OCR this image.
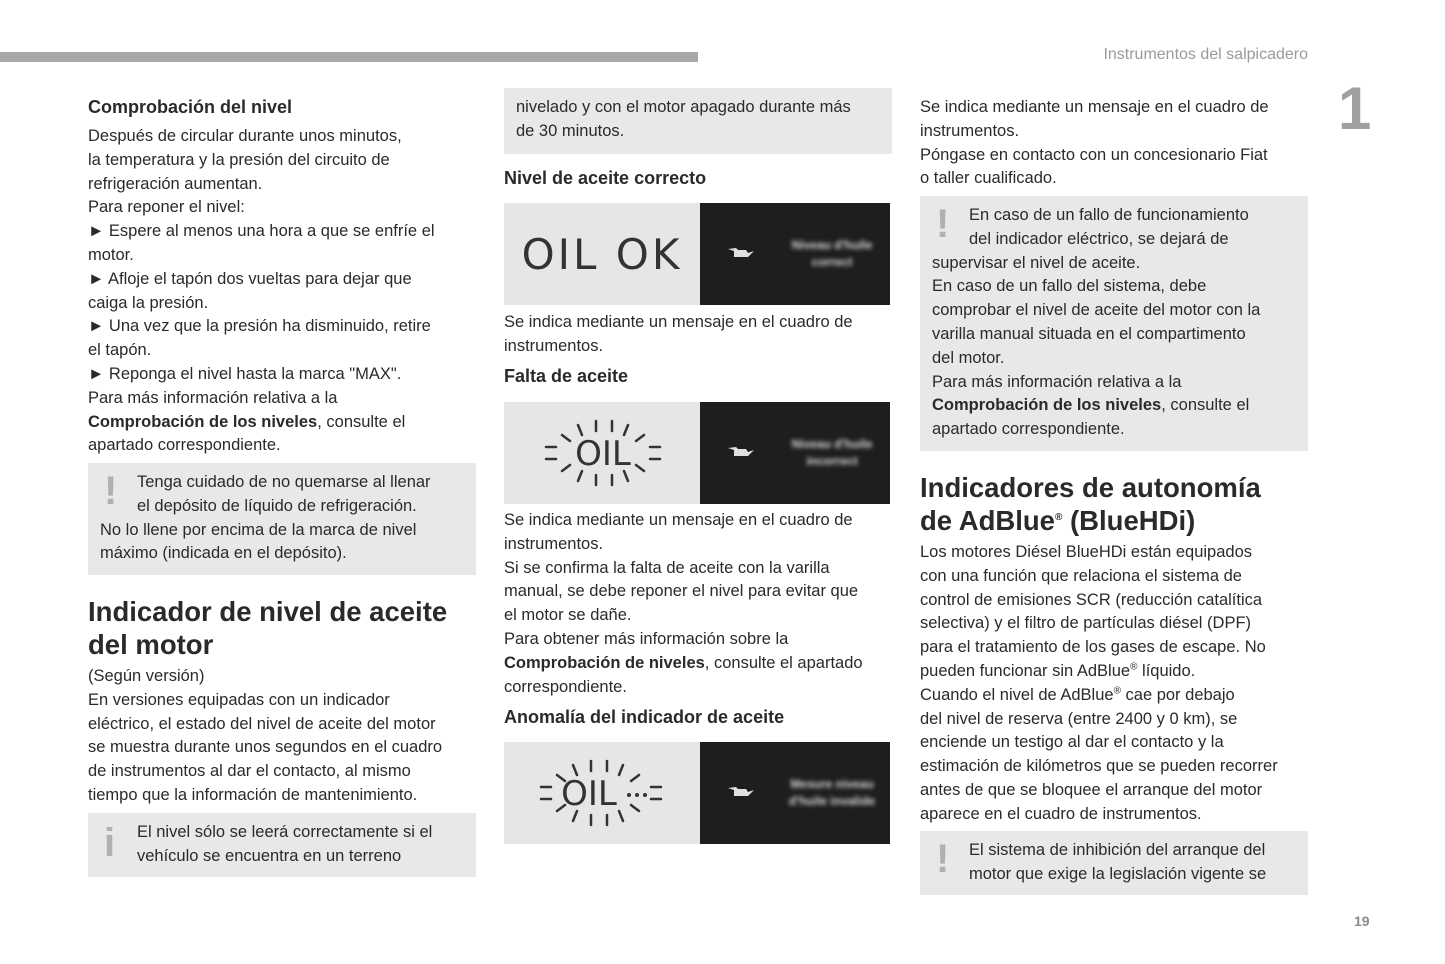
Instrumentos del salpicadero
1
19
Comprobación del nivel

Después de circular durante unos minutos,

la temperatura y la presión del circuito de

refrigeración aumentan.

Para reponer el nivel:

► Espere al menos una hora a que se enfríe el

motor.

► Afloje el tapón dos vueltas para dejar que

caiga la presión.

► Una vez que la presión ha disminuido, retire

el tapón.

► Reponga el nivel hasta la marca "MAX".

Para más información relativa a la

Comprobación de los niveles, consulte el

apartado correspondiente.

!	Tenga cuidado de no quemarse al llenar

el depósito de líquido de refrigeración.

No lo llene por encima de la marca de nivel

máximo (indicada en el depósito).

Indicador de nivel de aceite
del motor

(Según versión)

En versiones equipadas con un indicador

eléctrico, el estado del nivel de aceite del motor

se muestra durante unos segundos en el cuadro

de instrumentos al dar el contacto, al mismo

tiempo que la información de mantenimiento.

i	El nivel sólo se leerá correctamente si el

vehículo se encuentra en un terreno

nivelado y con el motor apagado durante más

de 30 minutos.

Nivel de aceite correcto
OIL OK	Niveau d'huile
correct

Se indica mediante un mensaje en el cuadro de

instrumentos.

Falta de aceite
OIL	Niveau d'huile
incorrect

Se indica mediante un mensaje en el cuadro de

instrumentos.

Si se confirma la falta de aceite con la varilla

manual, se debe reponer el nivel para evitar que

el motor se dañe.

Para obtener más información sobre la

Comprobación de niveles, consulte el apartado

correspondiente.

Anomalía del indicador de aceite
OIL	Mesure niveau
d'huile invalide

Se indica mediante un mensaje en el cuadro de

instrumentos.

Póngase en contacto con un concesionario Fiat

o taller cualificado.

!	En caso de un fallo de funcionamiento

del indicador eléctrico, se dejará de

supervisar el nivel de aceite.

En caso de un fallo del sistema, debe

comprobar el nivel de aceite del motor con la

varilla manual situada en el compartimento

del motor.

Para más información relativa a la

Comprobación de los niveles, consulte el

apartado correspondiente.

Indicadores de autonomía
de AdBlue® (BlueHDi)

Los motores Diésel BlueHDi están equipados

con una función que relaciona el sistema de

control de emisiones SCR (reducción catalítica

selectiva) y el filtro de partículas diésel (DPF)

para el tratamiento de los gases de escape. No

pueden funcionar sin AdBlue® líquido.

Cuando el nivel de AdBlue® cae por debajo

del nivel de reserva (entre 2400 y 0 km), se

enciende un testigo al dar el contacto y la

estimación de kilómetros que se pueden recorrer

antes de que se bloquee el arranque del motor

aparece en el cuadro de instrumentos.

!	El sistema de inhibición del arranque del

motor que exige la legislación vigente se
